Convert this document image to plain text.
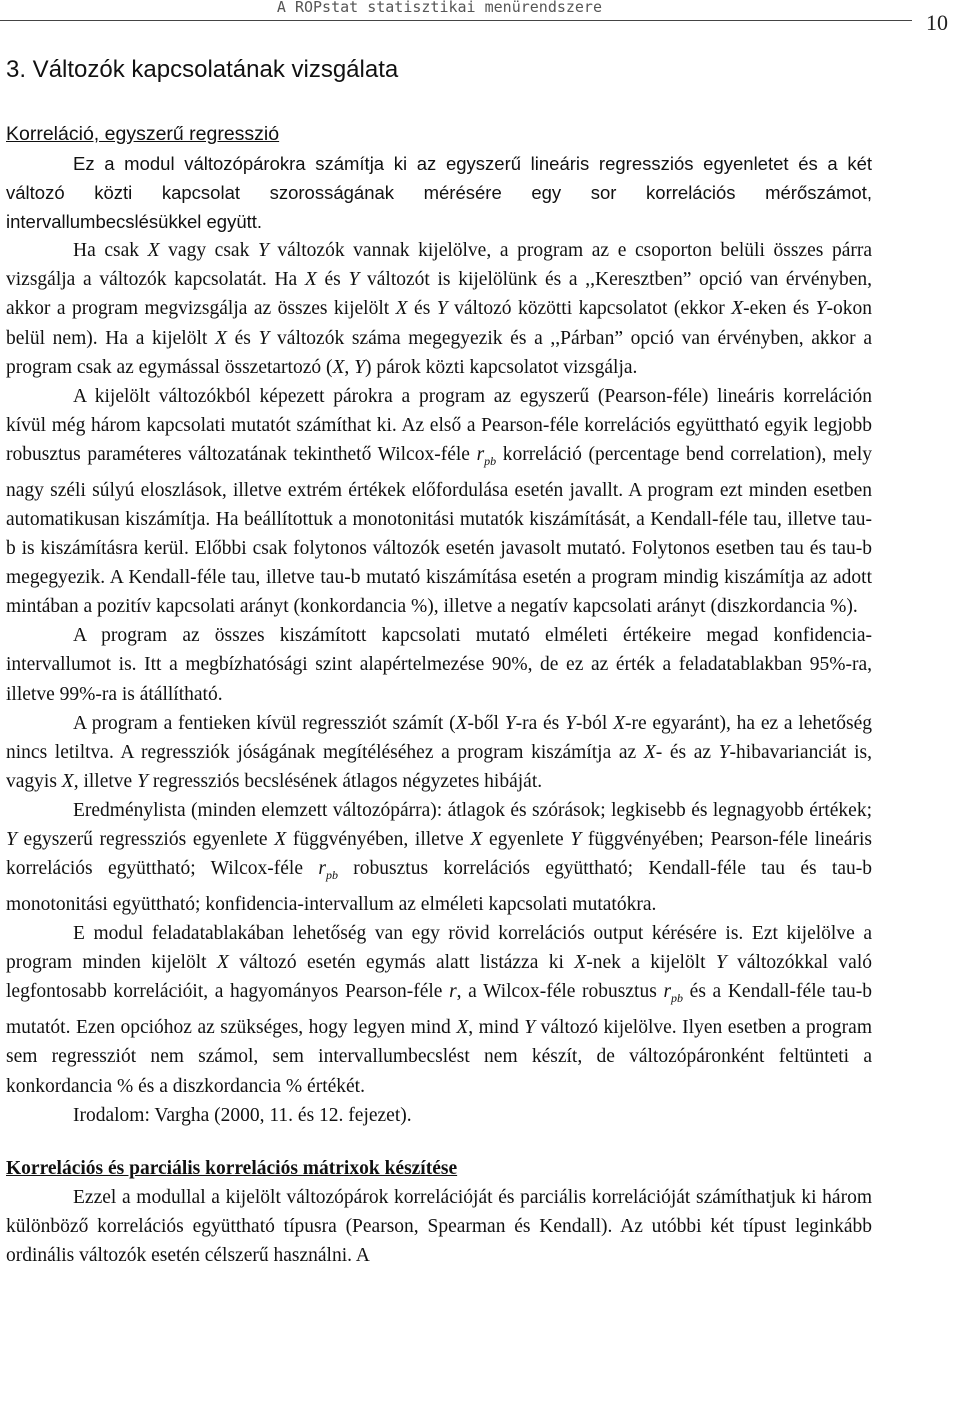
A ROPstat statisztikai menürendszere
10
3. Változók kapcsolatának vizsgálata

Korreláció, egyszerű regresszió

Ez a modul változópárokra számítja ki az egyszerű lineáris regressziós egyenletet és a két változó közti kapcsolat szorosságának mérésére egy sor korrelációs mérőszámot, intervallumbecslésükkel együtt.

Ha csak X vagy csak Y változók vannak kijelölve, a program az e csoporton belüli összes párra vizsgálja a változók kapcsolatát. Ha X és Y változót is kijelölünk és a ,,Keresztben” opció van érvényben, akkor a program megvizsgálja az összes kijelölt X és Y változó közötti kapcsolatot (ekkor X-eken és Y-okon belül nem). Ha a kijelölt X és Y változók száma megegyezik és a ,,Párban” opció van érvényben, akkor a program csak az egymással összetartozó (X, Y) párok közti kapcsolatot vizsgálja.

A kijelölt változókból képezett párokra a program az egyszerű (Pearson-féle) lineáris korreláción kívül még három kapcsolati mutatót számíthat ki. Az első a Pearson-féle korrelációs együttható egyik legjobb robusztus paraméteres változatának tekinthető Wilcox-féle $r_{pb}$ korreláció (percentage bend correlation), mely nagy széli súlyú eloszlások, illetve extrém értékek előfordulása esetén javallt. A program ezt minden esetben automatikusan kiszámítja. Ha beállítottuk a monotonitási mutatók kiszámítását, a Kendall-féle tau, illetve tau-b is kiszámításra kerül. Előbbi csak folytonos változók esetén javasolt mutató. Folytonos esetben tau és tau-b megegyezik. A Kendall-féle tau, illetve tau-b mutató kiszámítása esetén a program mindig kiszámítja az adott mintában a pozitív kapcsolati arányt (konkordancia %), illetve a negatív kapcsolati arányt (diszkordancia %).

A program az összes kiszámított kapcsolati mutató elméleti értékeire megad konfidencia-intervallumot is. Itt a megbízhatósági szint alapértelmezése 90%, de ez az érték a feladatablakban 95%-ra, illetve 99%-ra is átállítható.

A program a fentieken kívül regressziót számít (X-ből Y-ra és Y-ból X-re egyaránt), ha ez a lehetőség nincs letiltva. A regressziók jóságának megítéléséhez a program kiszámítja az X- és az Y-hibavarianciát is, vagyis X, illetve Y regressziós becslésének átlagos négyzetes hibáját.

Eredménylista (minden elemzett változópárra): átlagok és szórások; legkisebb és legnagyobb értékek; Y egyszerű regressziós egyenlete X függvényében, illetve X egyenlete Y függvényében; Pearson-féle lineáris korrelációs együttható; Wilcox-féle $r_{pb}$ robusztus korrelációs együttható; Kendall-féle tau és tau-b monotonitási együttható; konfidencia-intervallum az elméleti kapcsolati mutatókra.

E modul feladatablakában lehetőség van egy rövid korrelációs output kérésére is. Ezt kijelölve a program minden kijelölt X változó esetén egymás alatt listázza ki X-nek a kijelölt Y változókkal való legfontosabb korrelációit, a hagyományos Pearson-féle r, a Wilcox-féle robusztus $r_{pb}$ és a Kendall-féle tau-b mutatót. Ezen opcióhoz az szükséges, hogy legyen mind X, mind Y változó kijelölve. Ilyen esetben a program sem regressziót nem számol, sem intervallumbecslést nem készít, de változópáronként feltünteti a konkordancia % és a diszkordancia % értékét.

Irodalom: Vargha (2000, 11. és 12. fejezet).

Korrelációs és parciális korrelációs mátrixok készítése

Ezzel a modullal a kijelölt változópárok korrelációját és parciális korrelációját számíthatjuk ki három különböző korrelációs együttható típusra (Pearson, Spearman és Kendall). Az utóbbi két típust leginkább ordinális változók esetén célszerű használni. A
